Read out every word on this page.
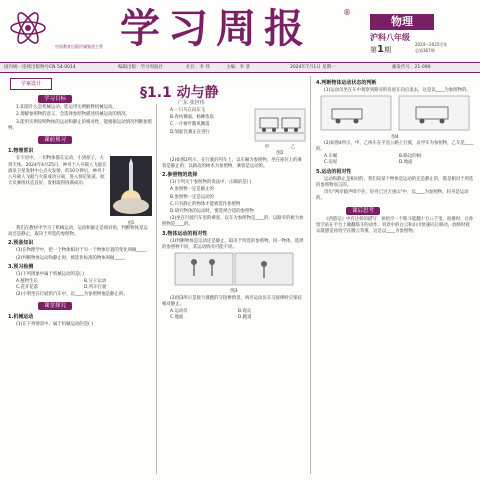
中国教育出版传媒集团主管 学习周报	®
物理
沪科八年级
第1期
2024—2025学年
总第367期
国内统一连续出版物号CN 54-0014	编辑出版：学习周报社	社长：李 伟	主编：李 菲	2024年7月1日 星期一	邮发代号：21-090
学案设计
§1.1 动与静
广东 张世伟
学习目标

1.知道什么是机械运动，能运用实例解释机械运动。

2.理解参照物的意义，会选择参照物描述机械运动的情况。

3.能用实例说明物体的运动和静止的相对性，能根据运动情况判断参照物。

课前预习
1.物理常识

在宇宙中，一切物体都在运动，小到原子，大到天体。2024年4月25日，神舟十八号载人飞船在酒泉卫星发射中心点火发射，约10分钟后，神舟十八号载人飞船与火箭成功分离，进入预定轨道，航天员乘组状态良好，发射取得圆满成功。

图1

我们在教材中学习了机械运动，运动和静止是相对的，判断物体是运动还是静止，取决于所选的参照物。

2.预备知识

(1)在物理学中，把一个物体相对于另一个物体位置的变化叫做____。

(2)判断物体运动和静止时，被选作标准的物体叫做____。

3.预习检测

(1)下列现象中属于机械运动的是( )

A.植物生长	B.分子运动
C.花开花落	D.列车行驶

(2)小明坐在行驶的汽车中，以____为参照物他是静止的。

课堂探究
1.机械运动

(1)在下列情景中，属于机械运动的是( )

A.一只鸟在向东飞

B.春风拂面，杨柳依依

C.一片树叶随风飘落

D.划船比赛正在进行

甲	乙
图2

(2)如图2所示，在行驶的列车上，以车厢为参照物，坐在座位上的乘客是静止的；以路边的树木为参照物，乘客是运动的。

2.参照物的选择

(1)下列关于参照物的说法中，正确的是( )

A.参照物一定是静止的

B.参照物一定是运动的

C.只有静止的物体才能被选作参照物

D.研究物体的运动时，要选择合适的参照物

(2)坐在行驶汽车里的乘客，以车为参照物是____的，以路旁的树为参照物是____的。

3.物体运动的相对性

(1)判断物体是运动还是静止，取决于所选的参照物。同一物体，选择的参照物不同，其运动情况可能不同。

图3

(2)图3所示是接力赛跑的交接棒情景，两名运动员在交接棒时应保持相对静止。

A.运动员	B.观众
C.地面	D.跑道
4.判断物体运动状态的判断

(1)运动员坐在车中观察到路旁的房屋在向后退去，这是以____为参照物的。

图4

(2)如图4所示，甲、乙两车在平直公路上行驶，以甲车为参照物，乙车是____的。

A.车厢	B.路边的树
C.房屋	D.地面
5.运动的相对性

运动和静止是相对的，我们说某个物体是运动的还是静止的，都是相对于所选的参照物而言的。

诗句"两岸猿声啼不住，轻舟已过万重山"中，以____为参照物，轻舟是运动的。

课后思考

《西游记》中有这样的描写：孙悟空一个筋斗能翻十万八千里。拍摄时，让孙悟空站在平台上做翻筋斗的动作，背景中的白云和山川快速向后移动，放映时观众就感觉孙悟空在腾云驾雾，这是以____为参照物。
